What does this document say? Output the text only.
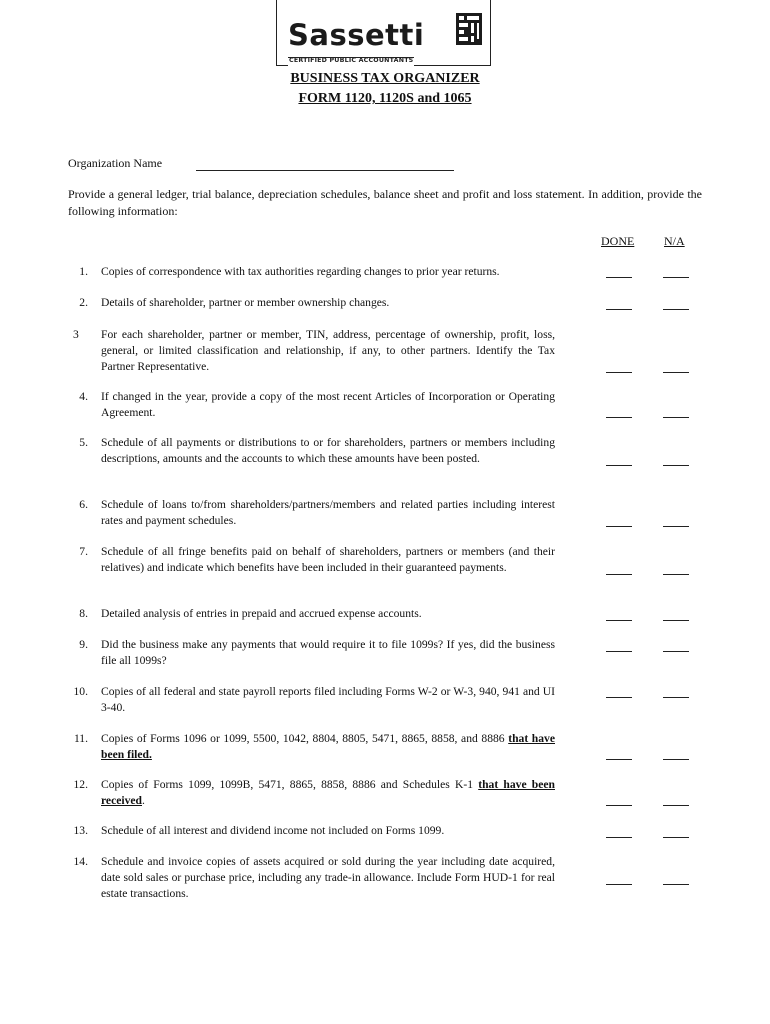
Sassetti
CERTIFIED PUBLIC ACCOUNTANTS
BUSINESS TAX ORGANIZER
FORM 1120, 1120S and 1065
Organization Name
Provide a general ledger, trial balance, depreciation schedules, balance sheet and profit and loss statement. In addition, provide the following information:
DONE N/A
1. Copies of correspondence with tax authorities regarding changes to prior year returns.
2. Details of shareholder, partner or member ownership changes.
3	For each shareholder, partner or member, TIN, address, percentage of ownership, profit, loss, general, or limited classification and relationship, if any, to other partners. Identify the Tax Partner Representative.
4. If changed in the year, provide a copy of the most recent Articles of Incorporation or Operating Agreement.
5. Schedule of all payments or distributions to or for shareholders, partners or members including descriptions, amounts and the accounts to which these amounts have been posted.
6. Schedule of loans to/from shareholders/partners/members and related parties including interest rates and payment schedules.
7. Schedule of all fringe benefits paid on behalf of shareholders, partners or members (and their relatives) and indicate which benefits have been included in their guaranteed payments.
8. Detailed analysis of entries in prepaid and accrued expense accounts.
9. Did the business make any payments that would require it to file 1099s? If yes, did the business file all 1099s?
10. Copies of all federal and state payroll reports filed including Forms W-2 or W-3, 940, 941 and UI 3-40.
11. Copies of Forms 1096 or 1099, 5500, 1042, 8804, 8805, 5471, 8865, 8858, and 8886 that have been filed.
12. Copies of Forms 1099, 1099B, 5471, 8865, 8858, 8886 and Schedules K-1 that have been received.
13. Schedule of all interest and dividend income not included on Forms 1099.
14. Schedule and invoice copies of assets acquired or sold during the year including date acquired, date sold sales or purchase price, including any trade-in allowance. Include Form HUD-1 for real estate transactions.
